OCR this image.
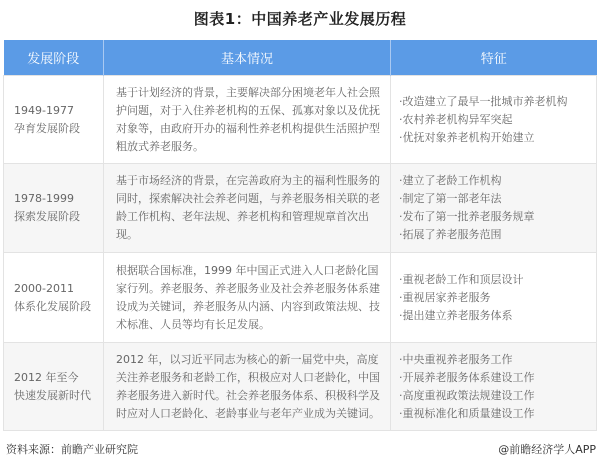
图表1：中国养老产业发展历程
发展阶段	基本情况	特征

1949-1977
孕育发展阶段
	基于计划经济的背景，主要解决部分困境老年人社会照护问题，对于入住养老机构的五保、孤寡对象以及优抚对象等，由政府开办的福利性养老机构提供生活照护型粗放式养老服务。	
· 改造建立了最早一批城市养老机构
· 农村养老机构异军突起
· 优抚对象养老机构开始建立

1978-1999
探索发展阶段
	基于市场经济的背景，在完善政府为主的福利性服务的同时，探索解决社会养老问题，与养老服务相关联的老龄工作机构、老年法规、养老机构和管理规章首次出现。	
· 建立了老龄工作机构
· 制定了第一部老年法
· 发布了第一批养老服务规章
· 拓展了养老服务范围

2000-2011
体系化发展阶段
	根据联合国标准，1999 年中国正式进入人口老龄化国家行列。养老服务、养老服务业及社会养老服务体系建设成为关键词，养老服务从内涵、内容到政策法规、技术标准、人员等均有长足发展。	
· 重视老龄工作和顶层设计
· 重视居家养老服务
· 提出建立养老服务体系

2012 年至今
快速发展新时代
	2012 年，以习近平同志为核心的新一届党中央，高度关注养老服务和老龄工作，积极应对人口老龄化，中国养老服务进入新时代。社会养老服务体系、积极科学及时应对人口老龄化、老龄事业与老年产业成为关键词。	
· 中央重视养老服务工作
· 开展养老服务体系建设工作
· 高度重视政策法规建设工作
· 重视标准化和质量建设工作
资料来源：前瞻产业研究院	@前瞻经济学人APP
